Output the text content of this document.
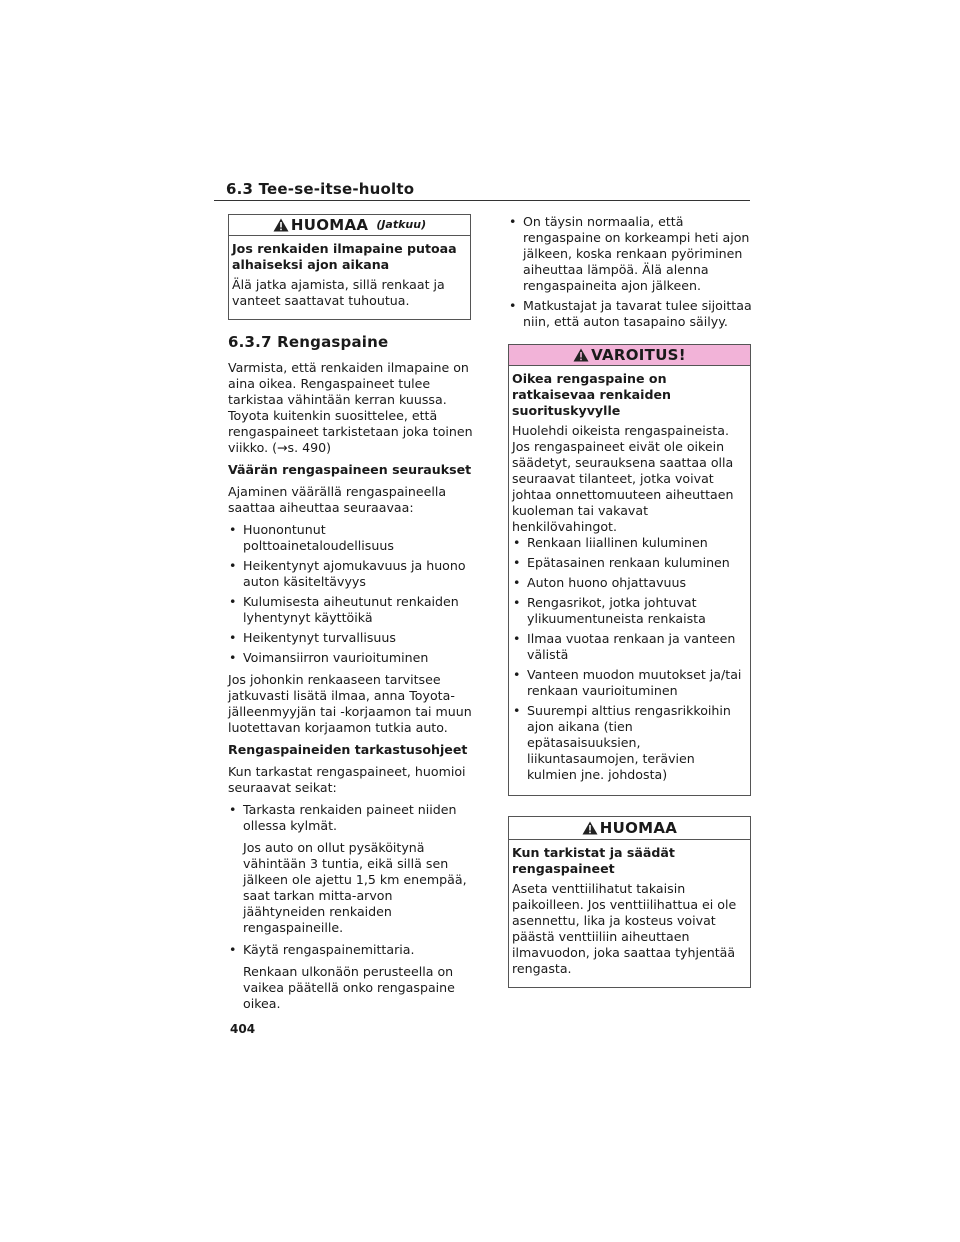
6.3 Tee-se-itse-huolto
HUOMAA (Jatkuu)

Jos renkaiden ilmapaine putoaa alhaiseksi ajon aikana

Älä jatka ajamista, sillä renkaat ja vanteet saattavat tuhoutua.

6.3.7 Rengaspaine

Varmista, että renkaiden ilmapaine on aina oikea. Rengaspaineet tulee tarkistaa vähintään kerran kuussa. Toyota kuitenkin suosittelee, että rengaspaineet tarkistetaan joka toinen viikko. (→s. 490)

Väärän rengaspaineen seuraukset

Ajaminen väärällä rengaspaineella saattaa aiheuttaa seuraavaa:

• Huonontunut polttoainetaloudellisuus
• Heikentynyt ajomukavuus ja huono auton käsiteltävyys
• Kulumisesta aiheutunut renkaiden lyhentynyt käyttöikä
• Heikentynyt turvallisuus
• Voimansiirron vaurioituminen

Jos johonkin renkaaseen tarvitsee jatkuvasti lisätä ilmaa, anna Toyota-jälleenmyyjän tai -korjaamon tai muun luotettavan korjaamon tutkia auto.

Rengaspaineiden tarkastusohjeet

Kun tarkastat rengaspaineet, huomioi seuraavat seikat:

• Tarkasta renkaiden paineet niiden ollessa kylmät.

Jos auto on ollut pysäköitynä vähintään 3 tuntia, eikä sillä sen jälkeen ole ajettu 1,5 km enempää, saat tarkan mitta-arvon jäähtyneiden renkaiden rengaspaineille.

• Käytä rengaspainemittaria.

Renkaan ulkonäön perusteella on vaikea päätellä onko rengaspaine oikea.

• On täysin normaalia, että rengaspaine on korkeampi heti ajon jälkeen, koska renkaan pyöriminen aiheuttaa lämpöä. Älä alenna rengaspaineita ajon jälkeen.
• Matkustajat ja tavarat tulee sijoittaa niin, että auton tasapaino säilyy.
VAROITUS!

Oikea rengaspaine on ratkaisevaa renkaiden suorituskyvylle

Huolehdi oikeista rengaspaineista. Jos rengaspaineet eivät ole oikein säädetyt, seurauksena saattaa olla seuraavat tilanteet, jotka voivat johtaa onnettomuuteen aiheuttaen kuoleman tai vakavat henkilövahingot.

• Renkaan liiallinen kuluminen
• Epätasainen renkaan kuluminen
• Auton huono ohjattavuus
• Rengasrikot, jotka johtuvat ylikuumentuneista renkaista
• Ilmaa vuotaa renkaan ja vanteen välistä
• Vanteen muodon muutokset ja/tai renkaan vaurioituminen
• Suurempi alttius rengasrikkoihin ajon aikana (tien epätasaisuuksien, liikuntasaumojen, terävien kulmien jne. johdosta)
HUOMAA

Kun tarkistat ja säädät rengaspaineet

Aseta venttiilihatut takaisin paikoilleen. Jos venttiilihattua ei ole asennettu, lika ja kosteus voivat päästä venttiiliin aiheuttaen ilmavuodon, joka saattaa tyhjentää rengasta.

404
